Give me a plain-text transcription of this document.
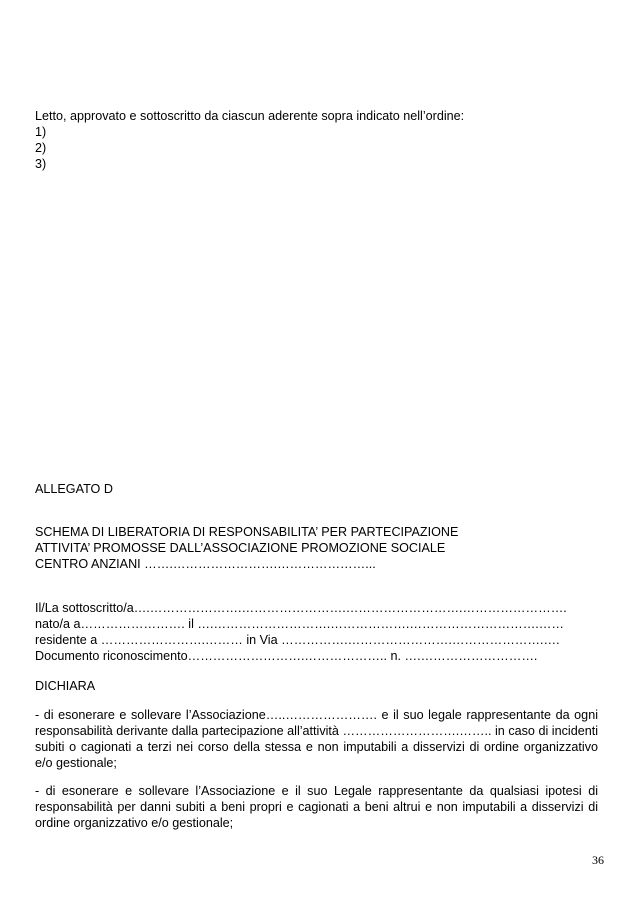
Letto, approvato e sottoscritto da ciascun aderente sopra indicato nell’ordine:
1)
2)
3)
ALLEGATO D
SCHEMA DI LIBERATORIA DI RESPONSABILITA’ PER PARTECIPAZIONE
ATTIVITA’ PROMOSSE DALL’ASSOCIAZIONE PROMOZIONE SOCIALE
CENTRO ANZIANI …….…………………….…………………...
Il/La sottoscritto/a….………………….…………………….……………………….…………………….
nato/a a……………………. il ….……………………….……………….………………………….……
residente a …………………….……… in Via …………….…………………….………………….….
Documento riconoscimento……………………….……………….. n. ….……………………….
DICHIARA
- di esonerare e sollevare l’Associazione…..…………………. e il suo legale rappresentante da ogni responsabilità derivante dalla partecipazione all’attività ……………………….…….. in caso di incidenti subiti o cagionati a terzi nei corso della stessa e non imputabili a disservizi di ordine organizzativo e/o gestionale;
- di esonerare e sollevare l’Associazione e il suo Legale rappresentante da qualsiasi ipotesi di responsabilità per danni subiti a beni propri e cagionati a beni altrui e non imputabili a disservizi di ordine organizzativo e/o gestionale;
36
